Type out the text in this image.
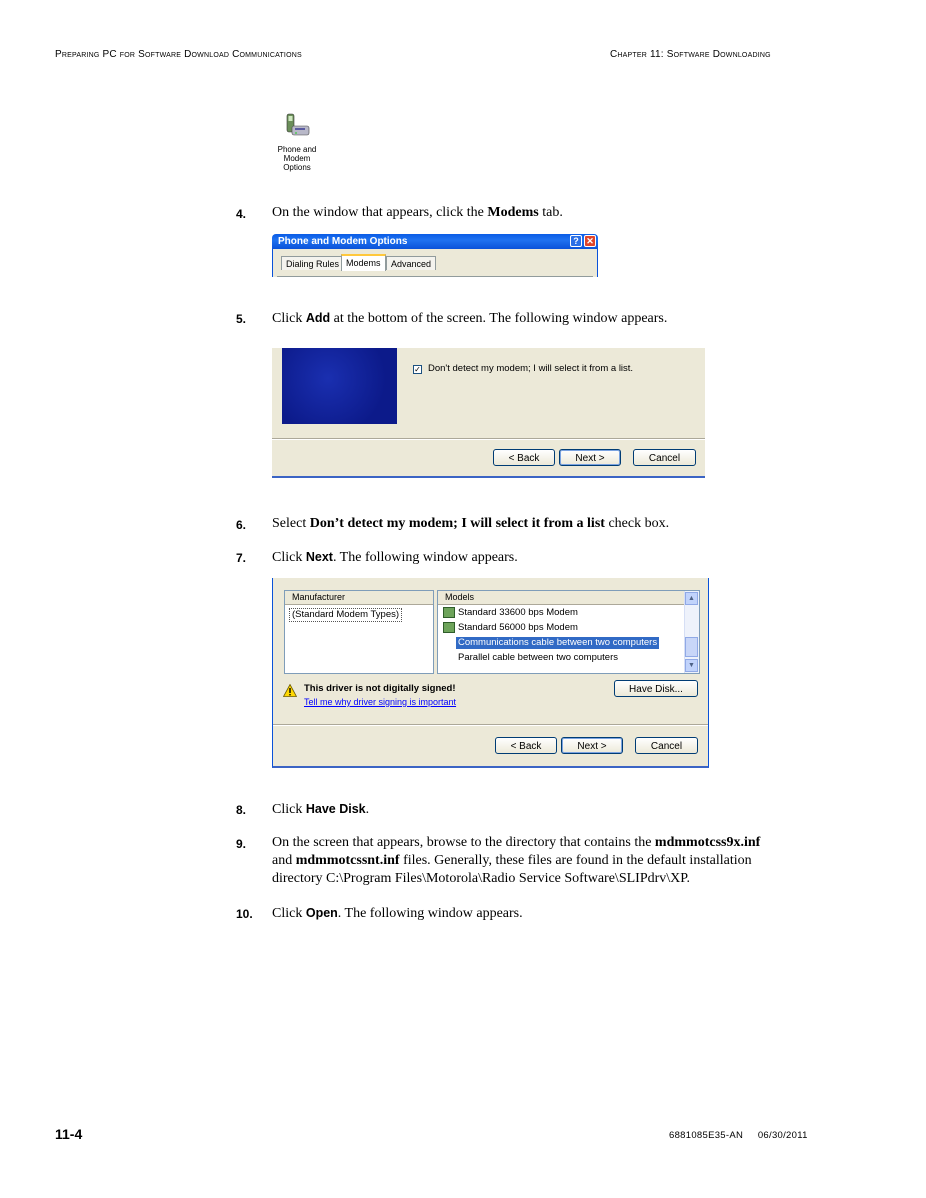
Preparing PC for Software Download Communications	Chapter 11: Software Downloading
Phone and
Modem
Options
4. On the window that appears, click the Modems tab.
Phone and Modem Options	? ✕
Dialing Rules Modems	Advanced
5. Click Add at the bottom of the screen. The following window appears.
✓ Don't detect my modem; I will select it from a list.
< Back	Next >	Cancel
6. Select Don’t detect my modem; I will select it from a list check box.
7. Click Next. The following window appears.
Manufacturer
(Standard Modem Types)
Models
Standard 33600 bps Modem
Standard 56000 bps Modem
Communications cable between two computers
Parallel cable between two computers
▲
▼
This driver is not digitally signed!
Tell me why driver signing is important
Have Disk...
< Back	Next >	Cancel
8. Click Have Disk.
9. On the screen that appears, browse to the directory that contains the mdmmotcss9x.inf
and mdmmotcssnt.inf files. Generally, these files are found in the default installation
directory C:\Program Files\Motorola\Radio Service Software\SLIPdrv\XP.
10. Click Open. The following window appears.
11-4	6881085E35-AN     06/30/2011
